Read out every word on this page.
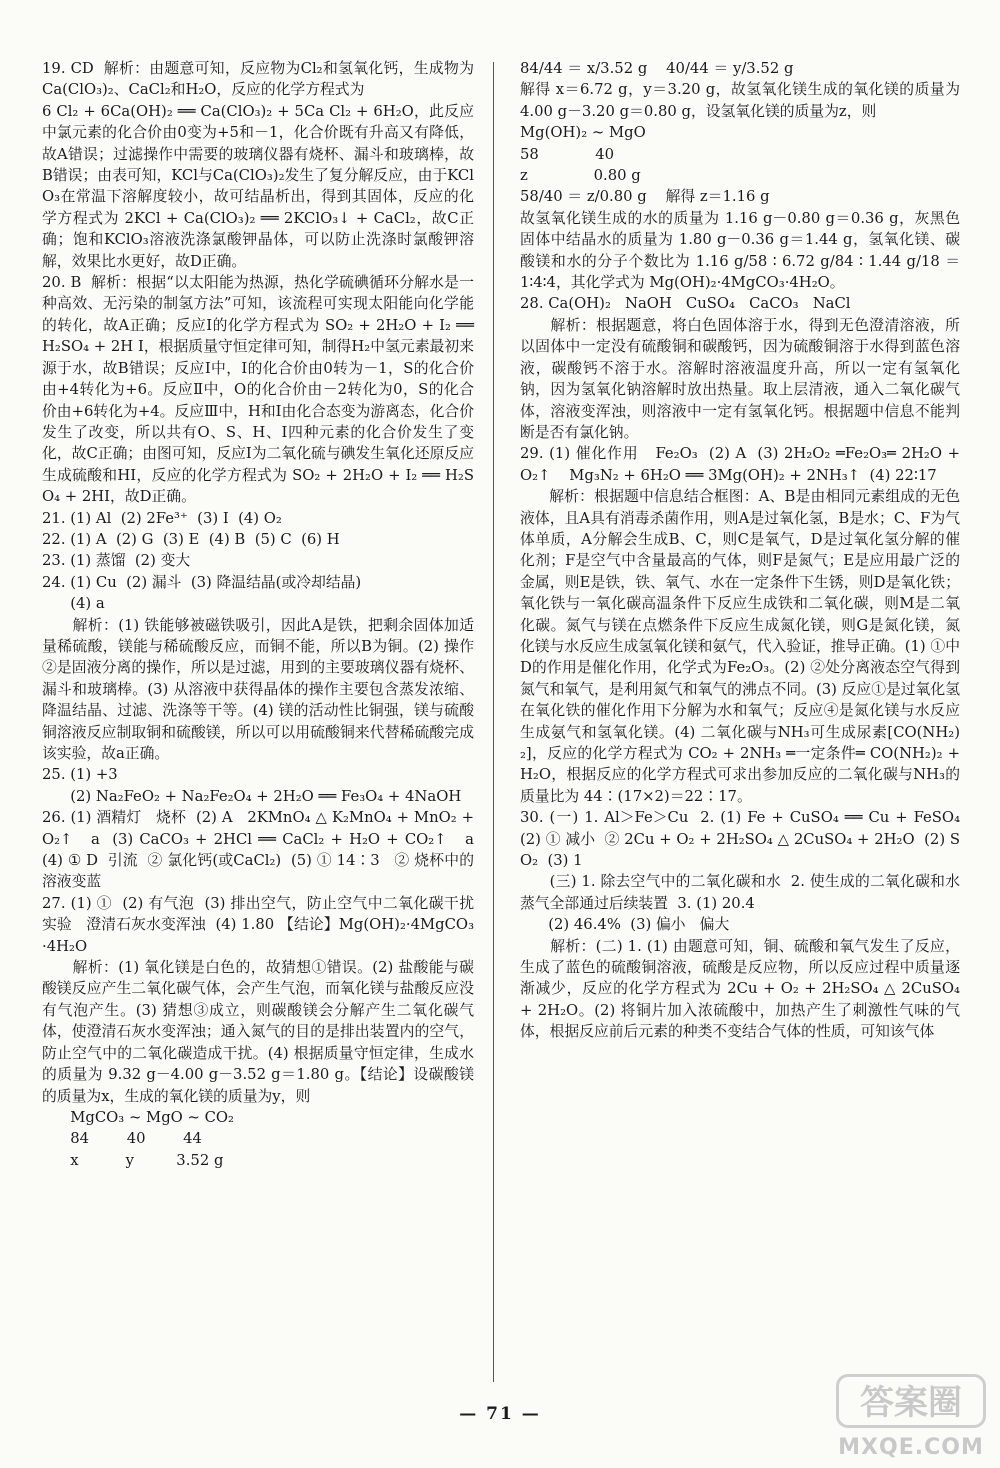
19. CD  解析：由题意可知，反应物为Cl₂和氢氧化钙，生成物为Ca(ClO₃)₂、CaCl₂和H₂O，反应的化学方程式为

6 Cl₂ + 6Ca(OH)₂ ══ Ca(ClO₃)₂ + 5Ca Cl₂ + 6H₂O，此反应中氯元素的化合价由0变为+5和－1，化合价既有升高又有降低，故A错误；过滤操作中需要的玻璃仪器有烧杯、漏斗和玻璃棒，故B错误；由表可知，KCl与Ca(ClO₃)₂发生了复分解反应，由于KClO₃在常温下溶解度较小，故可结晶析出，得到其固体，反应的化学方程式为 2KCl + Ca(ClO₃)₂ ══ 2KClO₃↓ + CaCl₂，故C正确；饱和KClO₃溶液洗涤氯酸钾晶体，可以防止洗涤时氯酸钾溶解，效果比水更好，故D正确。

20. B  解析：根据“以太阳能为热源，热化学硫碘循环分解水是一种高效、无污染的制氢方法”可知，该流程可实现太阳能向化学能的转化，故A正确；反应Ⅰ的化学方程式为 SO₂ + 2H₂O + I₂ ══ H₂SO₄ + 2H I，根据质量守恒定律可知，制得H₂中氢元素最初来源于水，故B错误；反应Ⅰ中，I的化合价由0转为－1，S的化合价由+4转化为+6。反应Ⅱ中，O的化合价由－2转化为0，S的化合价由+6转化为+4。反应Ⅲ中，H和I由化合态变为游离态，化合价发生了改变，所以共有O、S、H、I四种元素的化合价发生了变化，故C正确；由图可知，反应Ⅰ为二氧化硫与碘发生氧化还原反应生成硫酸和HI，反应的化学方程式为 SO₂ + 2H₂O + I₂ ══ H₂SO₄ + 2HI，故D正确。

21. (1) Al  (2) 2Fe³⁺  (3) I  (4) O₂

22. (1) A  (2) G  (3) E  (4) B  (5) C  (6) H

23. (1) 蒸馏  (2) 变大

24. (1) Cu  (2) 漏斗  (3) 降温结晶(或冷却结晶)
(4) a

解析：(1) 铁能够被磁铁吸引，因此A是铁，把剩余固体加适量稀硫酸，镁能与稀硫酸反应，而铜不能，所以B为铜。(2) 操作②是固液分离的操作，所以是过滤，用到的主要玻璃仪器有烧杯、漏斗和玻璃棒。(3) 从溶液中获得晶体的操作主要包含蒸发浓缩、降温结晶、过滤、洗涤等干等。(4) 镁的活动性比铜强，镁与硫酸铜溶液反应制取铜和硫酸镁，所以可以用硫酸铜来代替稀硫酸完成该实验，故a正确。

25. (1) +3
(2) Na₂FeO₂ + Na₂Fe₂O₄ + 2H₂O ══ Fe₃O₄ + 4NaOH

26. (1) 酒精灯   烧杯  (2) A   2KMnO₄ △ K₂MnO₄ + MnO₂ + O₂↑   a  (3) CaCO₃ + 2HCl ══ CaCl₂ + H₂O + CO₂↑   a  (4) ① D  引流  ② 氯化钙(或CaCl₂)  (5) ① 14∶3   ② 烧杯中的溶液变蓝

27. (1) ①  (2) 有气泡  (3) 排出空气，防止空气中二氧化碳干扰实验   澄清石灰水变浑浊  (4) 1.80 【结论】Mg(OH)₂·4MgCO₃·4H₂O

解析：(1) 氧化镁是白色的，故猜想①错误。(2) 盐酸能与碳酸镁反应产生二氧化碳气体，会产生气泡，而氧化镁与盐酸反应没有气泡产生。(3) 猜想③成立，则碳酸镁会分解产生二氧化碳气体，使澄清石灰水变浑浊；通入氮气的目的是排出装置内的空气，防止空气中的二氧化碳造成干扰。(4) 根据质量守恒定律，生成水的质量为 9.32 g－4.00 g－3.52 g＝1.80 g。【结论】设碳酸镁的质量为x，生成的氧化镁的质量为y，则

MgCO₃ ~ MgO ~ CO₂

84        40        44

x          y         3.52 g

84/44 ＝ x/3.52 g    40/44 ＝ y/3.52 g

解得 x＝6.72 g，y＝3.20 g，故氢氧化镁生成的氧化镁的质量为 4.00 g－3.20 g＝0.80 g，设氢氧化镁的质量为z，则

Mg(OH)₂ ~ MgO

58            40

z              0.80 g

58/40 ＝ z/0.80 g    解得 z＝1.16 g

故氢氧化镁生成的水的质量为 1.16 g－0.80 g＝0.36 g，灰黑色固体中结晶水的质量为 1.80 g－0.36 g＝1.44 g，氢氧化镁、碳酸镁和水的分子个数比为 1.16 g/58 ∶ 6.72 g/84 ∶ 1.44 g/18 ＝ 1∶4∶4，其化学式为 Mg(OH)₂·4MgCO₃·4H₂O。

28. Ca(OH)₂   NaOH   CuSO₄   CaCO₃   NaCl

解析：根据题意，将白色固体溶于水，得到无色澄清溶液，所以固体中一定没有硫酸铜和碳酸钙，因为硫酸铜溶于水得到蓝色溶液，碳酸钙不溶于水。溶解时溶液温度升高，所以一定有氢氧化钠，因为氢氧化钠溶解时放出热量。取上层清液，通入二氧化碳气体，溶液变浑浊，则溶液中一定有氢氧化钙。根据题中信息不能判断是否有氯化钠。

29. (1) 催化作用   Fe₂O₃  (2) A  (3) 2H₂O₂ ═Fe₂O₃═ 2H₂O + O₂↑    Mg₃N₂ + 6H₂O ══ 3Mg(OH)₂ + 2NH₃↑  (4) 22∶17

解析：根据题中信息结合框图：A、B是由相同元素组成的无色液体，且A具有消毒杀菌作用，则A是过氧化氢，B是水；C、F为气体单质，A分解会生成B、C，则C是氧气，D是过氧化氢分解的催化剂；F是空气中含量最高的气体，则F是氮气；E是应用最广泛的金属，则E是铁，铁、氧气、水在一定条件下生锈，则D是氧化铁；氧化铁与一氧化碳高温条件下反应生成铁和二氧化碳，则M是二氧化碳。氮气与镁在点燃条件下反应生成氮化镁，则G是氮化镁，氮化镁与水反应生成氢氧化镁和氨气，代入验证，推导正确。(1) ①中D的作用是催化作用，化学式为Fe₂O₃。(2) ②处分离液态空气得到氮气和氧气，是利用氮气和氧气的沸点不同。(3) 反应①是过氧化氢在氧化铁的催化作用下分解为水和氧气；反应④是氮化镁与水反应生成氨气和氢氧化镁。(4) 二氧化碳与NH₃可生成尿素[CO(NH₂)₂]，反应的化学方程式为 CO₂ + 2NH₃ ═一定条件═ CO(NH₂)₂ + H₂O，根据反应的化学方程式可求出参加反应的二氧化碳与NH₃的质量比为 44∶(17×2)＝22∶17。

30. (一) 1. Al＞Fe＞Cu  2. (1) Fe + CuSO₄ ══ Cu + FeSO₄  (2) ① 减小  ② 2Cu + O₂ + 2H₂SO₄ △ 2CuSO₄ + 2H₂O  (2) SO₂  (3) 1

(三) 1. 除去空气中的二氧化碳和水  2. 使生成的二氧化碳和水蒸气全部通过后续装置  3. (1) 20.4

(2) 46.4%  (3) 偏小   偏大

解析：(二) 1. (1) 由题意可知，铜、硫酸和氧气发生了反应，生成了蓝色的硫酸铜溶液，硫酸是反应物，所以反应过程中质量逐渐减少，反应的化学方程式为 2Cu + O₂ + 2H₂SO₄ △ 2CuSO₄ + 2H₂O。(2) 将铜片加入浓硫酸中，加热产生了刺激性气味的气体，根据反应前后元素的种类不变结合气体的性质，可知该气体

— 71 —	答案圈
MXQE.COM
